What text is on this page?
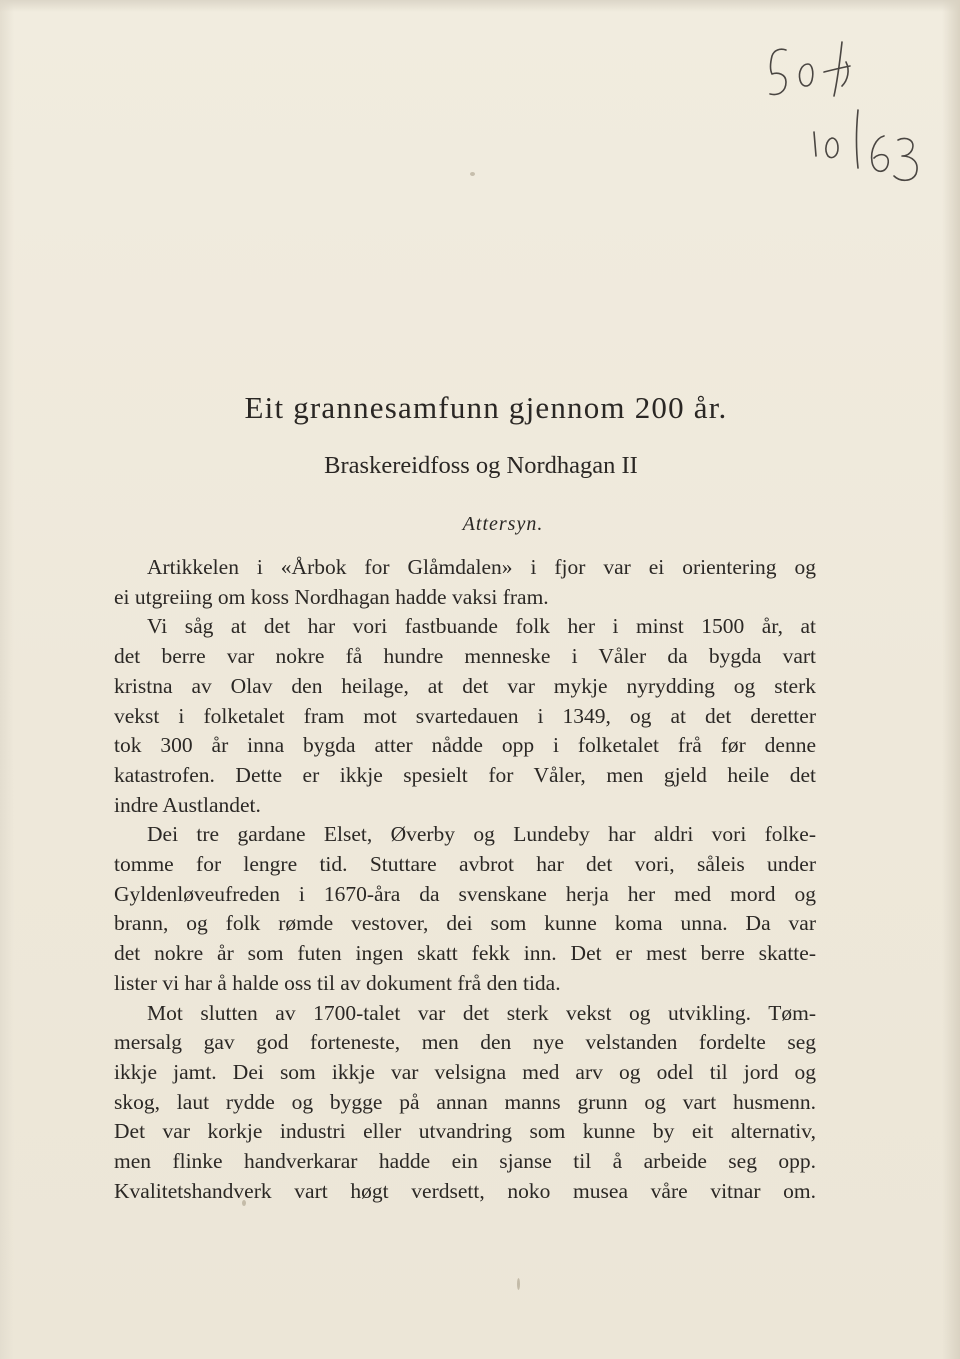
Eit grannesamfunn gjennom 200 år.
Braskereidfoss og Nordhagan II
Attersyn.

Artikkelen i «Årbok for Glåmdalen» i fjor var ei orientering og
ei utgreiing om koss Nordhagan hadde vaksi fram.

Vi såg at det har vori fastbuande folk her i minst 1500 år, at
det berre var nokre få hundre menneske i Våler da bygda vart
kristna av Olav den heilage, at det var mykje nyrydding og sterk
vekst i folketalet fram mot svartedauen i 1349, og at det deretter
tok 300 år inna bygda atter nådde opp i folketalet frå før denne
katastrofen. Dette er ikkje spesielt for Våler, men gjeld heile det
indre Austlandet.

Dei tre gardane Elset, Øverby og Lundeby har aldri vori folke-
tomme for lengre tid. Stuttare avbrot har det vori, såleis under
Gyldenløveufreden i 1670-åra da svenskane herja her med mord og
brann, og folk rømde vestover, dei som kunne koma unna. Da var
det nokre år som futen ingen skatt fekk inn. Det er mest berre skatte-
lister vi har å halde oss til av dokument frå den tida.

Mot slutten av 1700-talet var det sterk vekst og utvikling. Tøm-
mersalg gav god forteneste, men den nye velstanden fordelte seg
ikkje jamt. Dei som ikkje var velsigna med arv og odel til jord og
skog, laut rydde og bygge på annan manns grunn og vart husmenn.
Det var korkje industri eller utvandring som kunne by eit alternativ,
men flinke handverkarar hadde ein sjanse til å arbeide seg opp.
Kvalitetshandverk vart høgt verdsett, noko musea våre vitnar om.
